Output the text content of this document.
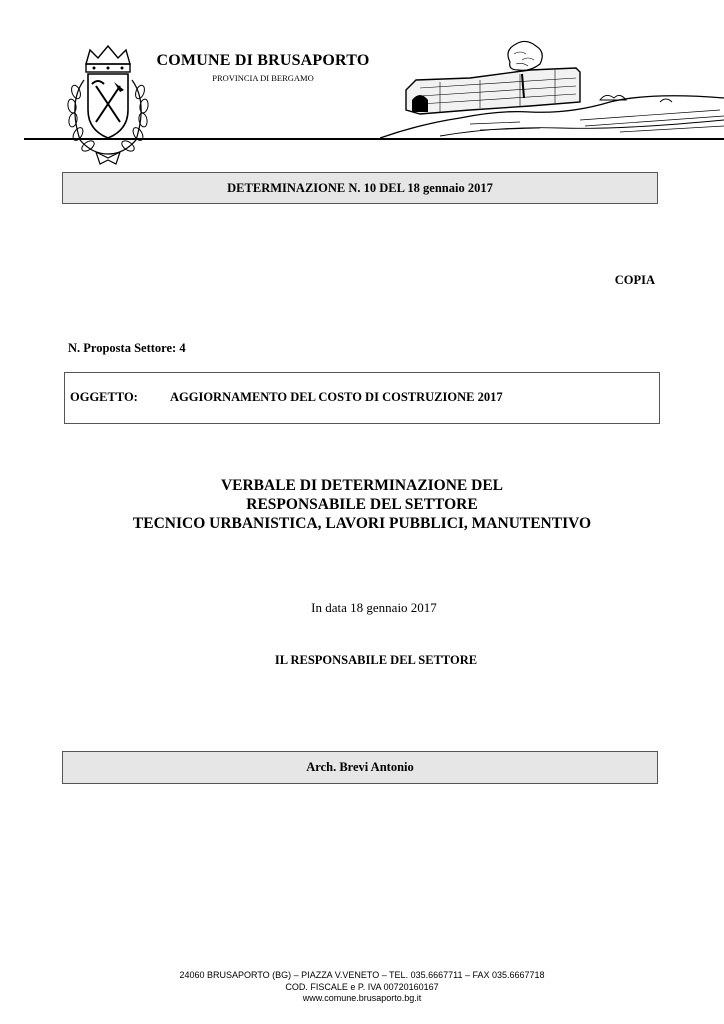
COMUNE DI BRUSAPORTO
PROVINCIA DI BERGAMO
DETERMINAZIONE N. 10 DEL 18 gennaio 2017
COPIA
N. Proposta Settore: 4
OGGETTO:	AGGIORNAMENTO DEL COSTO DI COSTRUZIONE 2017
VERBALE DI DETERMINAZIONE DEL
RESPONSABILE DEL SETTORE
TECNICO URBANISTICA, LAVORI PUBBLICI, MANUTENTIVO
In data 18 gennaio 2017
IL RESPONSABILE DEL SETTORE
Arch. Brevi Antonio
24060 BRUSAPORTO (BG) – PIAZZA V.VENETO – TEL. 035.6667711 – FAX 035.6667718
COD. FISCALE e P. IVA 00720160167
www.comune.brusaporto.bg.it
